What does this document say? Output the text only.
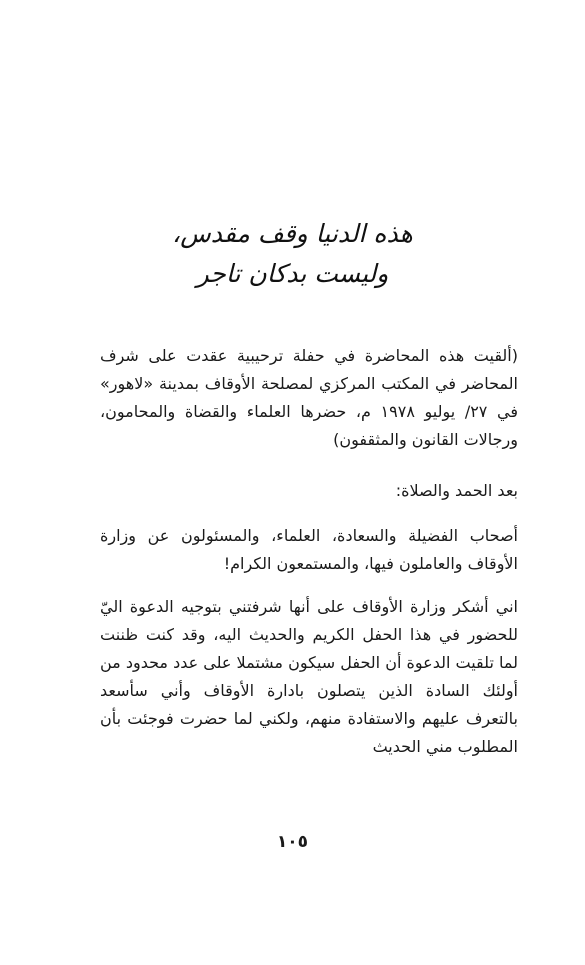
هذه الدنيا وقف مقدس،
وليست بدكان تاجر

(ألقيت هذه المحاضرة في حفلة ترحيبية عقدت على شرف المحاضر في المكتب المركزي لمصلحة الأوقاف بمدينة «لاهور» في ٢٧/ يوليو ١٩٧٨ م، حضرها العلماء والقضاة والمحامون، ورجالات القانون والمثقفون)

بعد الحمد والصلاة:

أصحاب الفضيلة والسعادة، العلماء، والمسئولون عن وزارة الأوقاف والعاملون فيها، والمستمعون الكرام!

اني أشكر وزارة الأوقاف على أنها شرفتني بتوجيه الدعوة اليّ للحضور في هذا الحفل الكريم والحديث اليه، وقد كنت ظننت لما تلقيت الدعوة أن الحفل سيكون مشتملا على عدد محدود من أولئك السادة الذين يتصلون بادارة الأوقاف وأني سأسعد بالتعرف عليهم والاستفادة منهم، ولكني لما حضرت فوجئت بأن المطلوب مني الحديث

١٠٥
